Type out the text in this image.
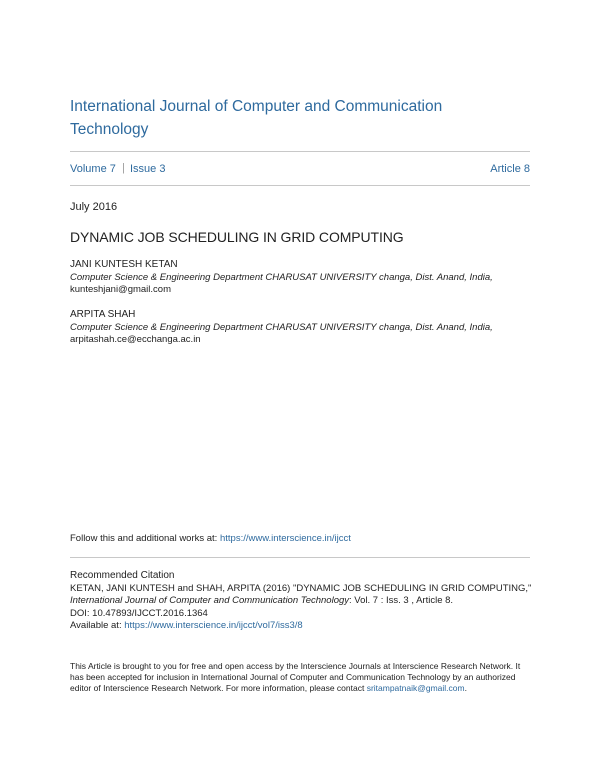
International Journal of Computer and Communication Technology
Volume 7 | Issue 3	Article 8
July 2016
DYNAMIC JOB SCHEDULING IN GRID COMPUTING
JANI KUNTESH KETAN
Computer Science & Engineering Department CHARUSAT UNIVERSITY changa, Dist. Anand, India,
kunteshjani@gmail.com
ARPITA SHAH
Computer Science & Engineering Department CHARUSAT UNIVERSITY changa, Dist. Anand, India,
arpitashah.ce@ecchanga.ac.in
Follow this and additional works at: https://www.interscience.in/ijcct
Recommended Citation
KETAN, JANI KUNTESH and SHAH, ARPITA (2016) "DYNAMIC JOB SCHEDULING IN GRID COMPUTING,"
International Journal of Computer and Communication Technology: Vol. 7 : Iss. 3 , Article 8.
DOI: 10.47893/IJCCT.2016.1364
Available at: https://www.interscience.in/ijcct/vol7/iss3/8
This Article is brought to you for free and open access by the Interscience Journals at Interscience Research Network. It has been accepted for inclusion in International Journal of Computer and Communication Technology by an authorized editor of Interscience Research Network. For more information, please contact sritampatnaik@gmail.com.
